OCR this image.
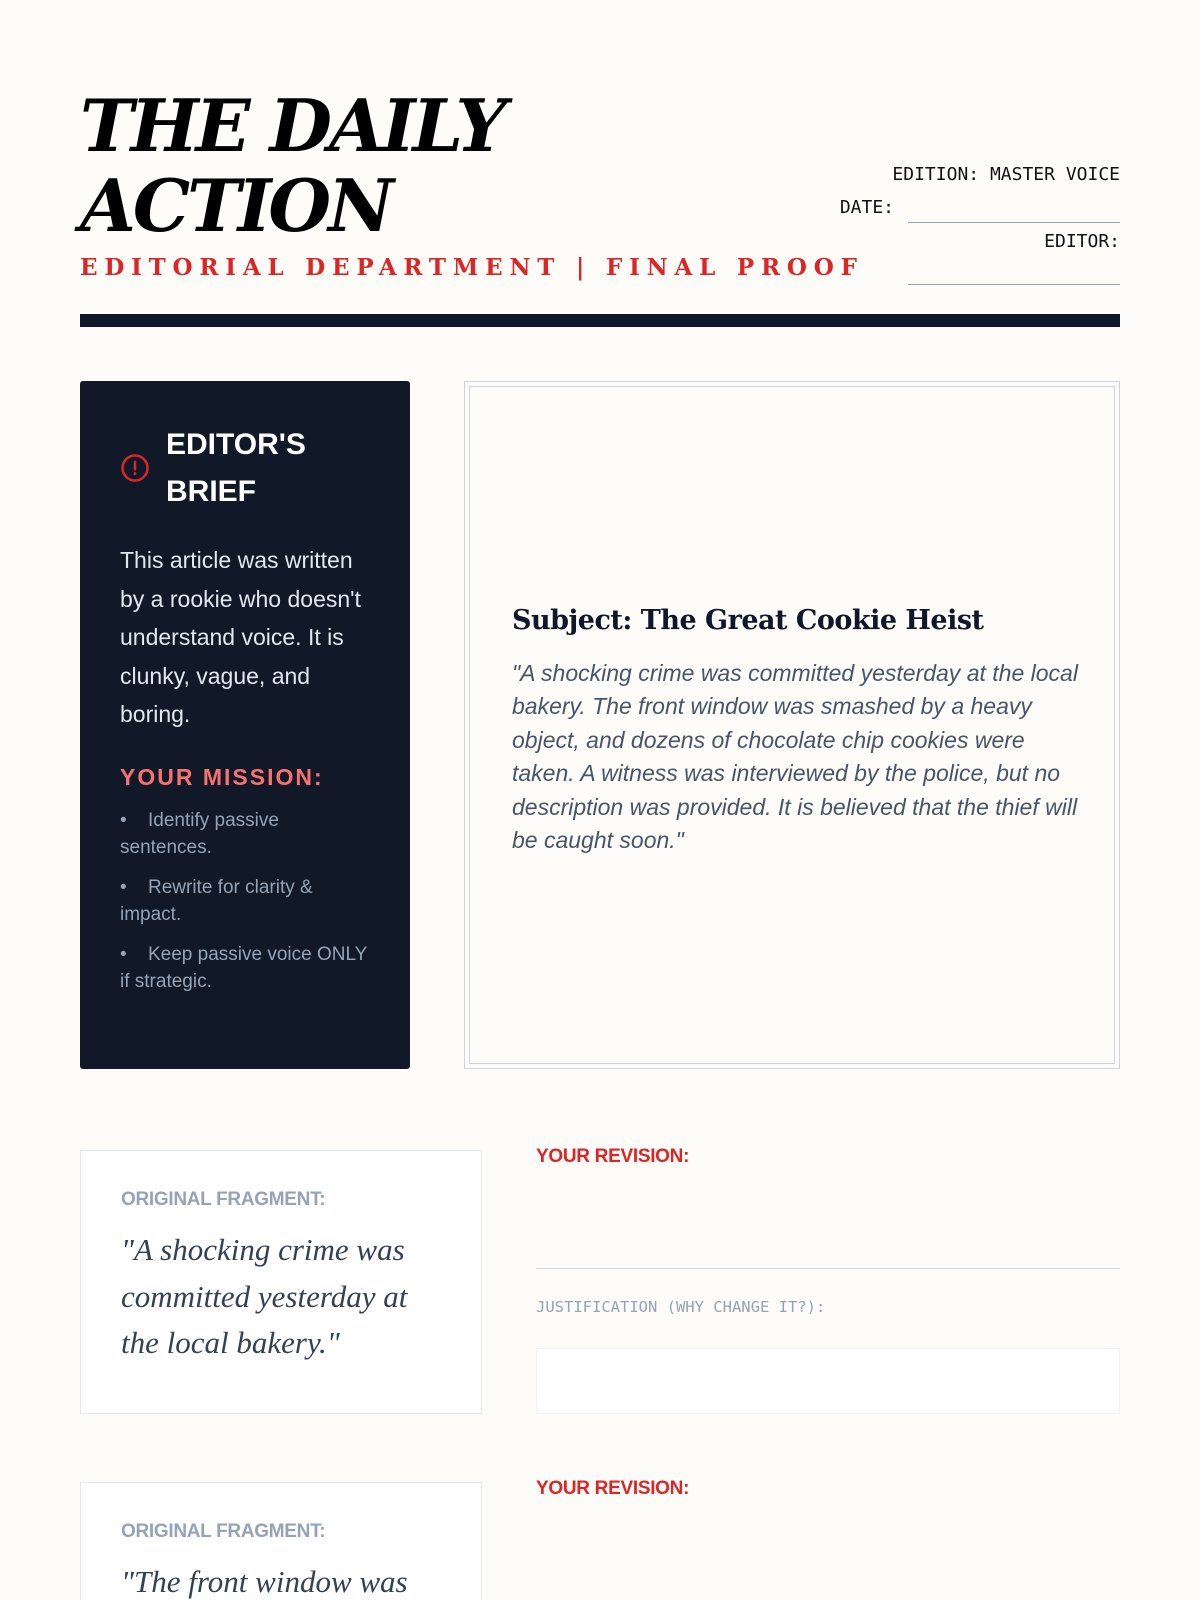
THE DAILY ACTION
EDITORIAL DEPARTMENT | FINAL PROOF
EDITION: MASTER VOICE
DATE:
EDITOR:
EDITOR'S BRIEF

This article was written by a rookie who doesn't understand voice. It is clunky, vague, and boring.

YOUR MISSION:
• Identify passive sentences.
• Rewrite for clarity & impact.
• Keep passive voice ONLY if strategic.
Subject: The Great Cookie Heist

"A shocking crime was committed yesterday at the local bakery. The front window was smashed by a heavy object, and dozens of chocolate chip cookies were taken. A witness was interviewed by the police, but no description was provided. It is believed that the thief will be caught soon."

ORIGINAL FRAGMENT:
"A shocking crime was committed yesterday at the local bakery."
YOUR REVISION:
JUSTIFICATION (WHY CHANGE IT?):
ORIGINAL FRAGMENT:
"The front window was
YOUR REVISION:
